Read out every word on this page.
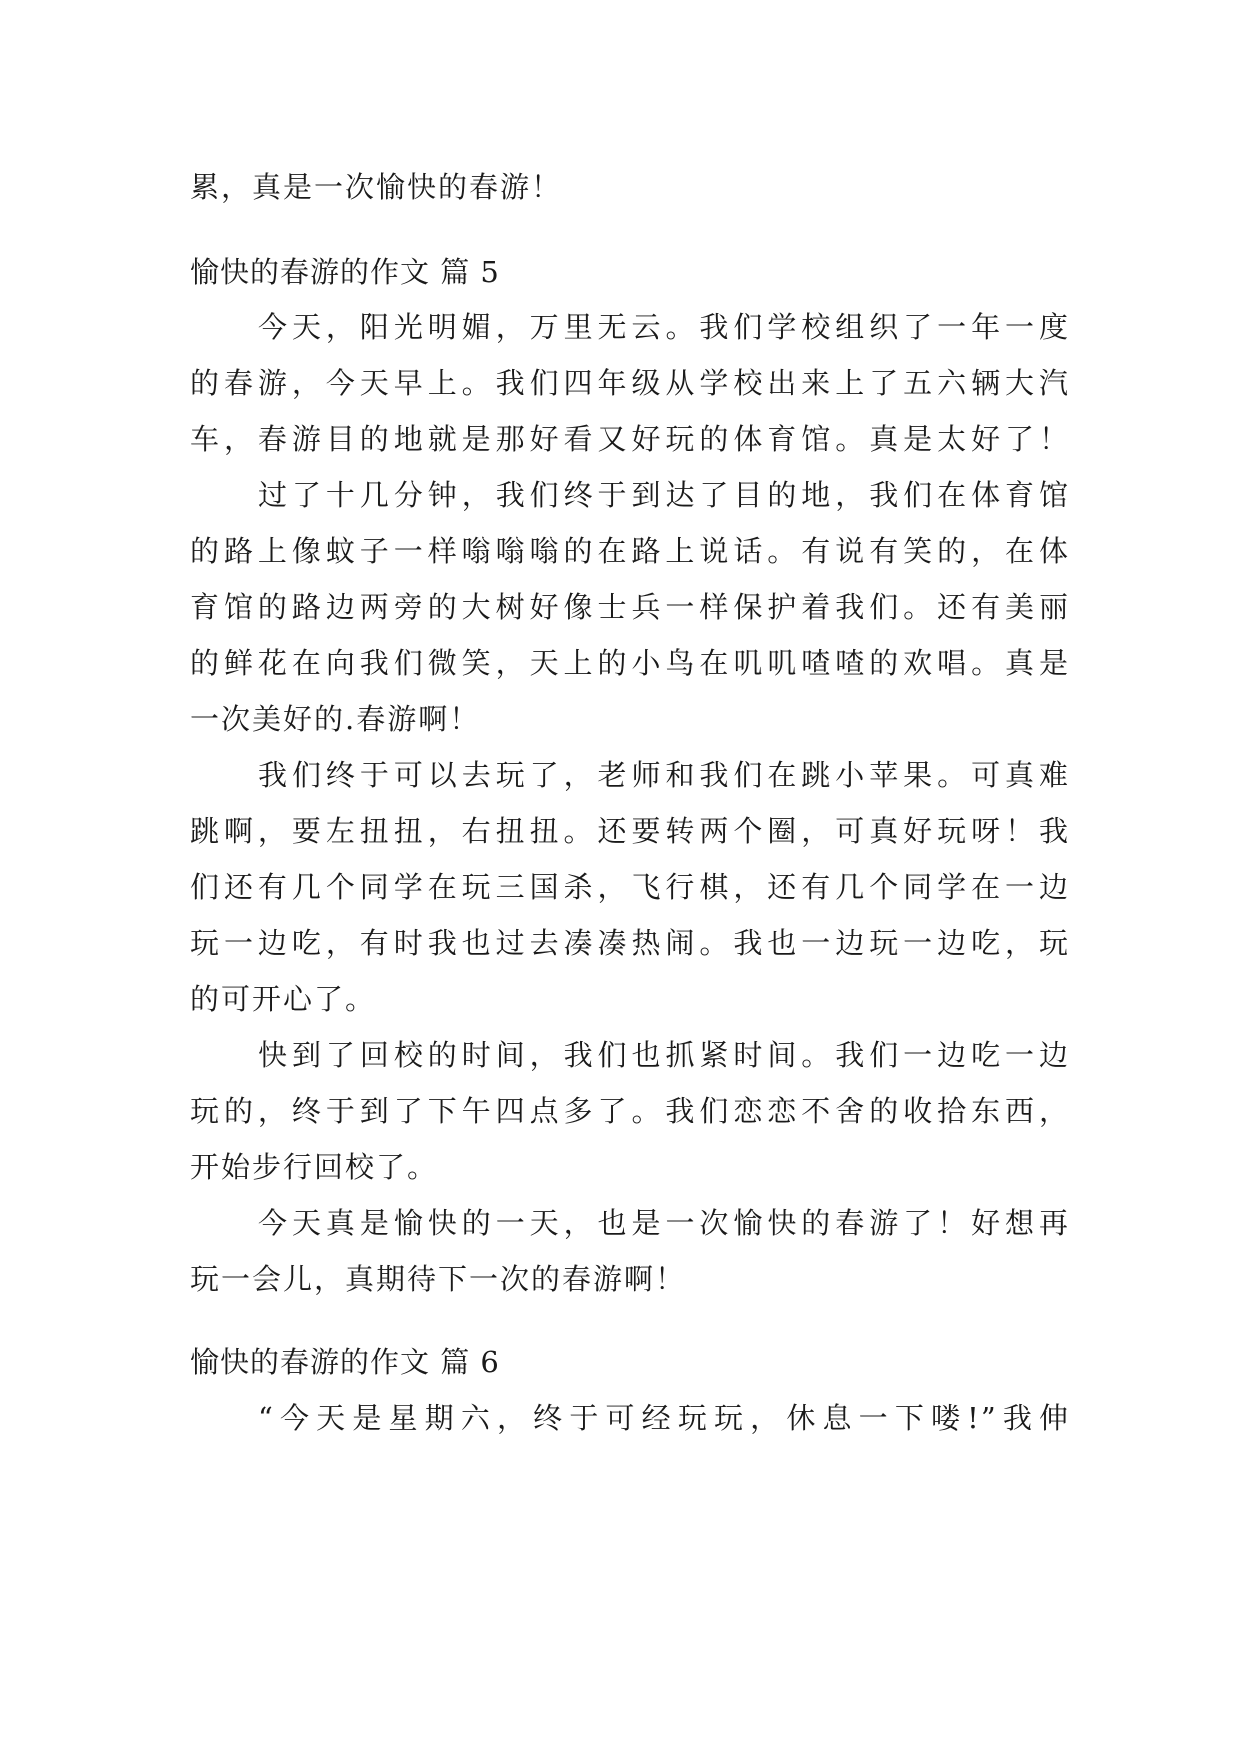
累，真是一次愉快的春游！
愉快的春游的作文 篇 5
今天，阳光明媚，万里无云。我们学校组织了一年一度
的春游，今天早上。我们四年级从学校出来上了五六辆大汽
车，春游目的地就是那好看又好玩的体育馆。真是太好了！
过了十几分钟，我们终于到达了目的地，我们在体育馆
的路上像蚊子一样嗡嗡嗡的在路上说话。有说有笑的，在体
育馆的路边两旁的大树好像士兵一样保护着我们。还有美丽
的鲜花在向我们微笑，天上的小鸟在叽叽喳喳的欢唱。真是
一次美好的.春游啊！
我们终于可以去玩了，老师和我们在跳小苹果。可真难
跳啊，要左扭扭，右扭扭。还要转两个圈，可真好玩呀！我
们还有几个同学在玩三国杀，飞行棋，还有几个同学在一边
玩一边吃，有时我也过去凑凑热闹。我也一边玩一边吃，玩
的可开心了。
快到了回校的时间，我们也抓紧时间。我们一边吃一边
玩的，终于到了下午四点多了。我们恋恋不舍的收拾东西，
开始步行回校了。
今天真是愉快的一天，也是一次愉快的春游了！好想再
玩一会儿，真期待下一次的春游啊！
愉快的春游的作文 篇 6
“今天是星期六，终于可经玩玩，休息一下喽!”我伸
